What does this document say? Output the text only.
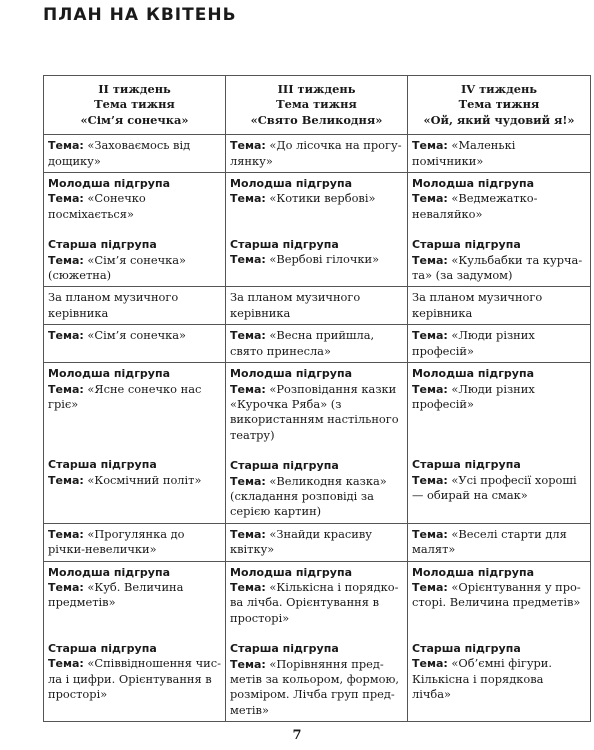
ПЛАН НА КВІТЕНЬ
II тиждень
Тема тижня
«Сім’я сонечка»	III тиждень
Тема тижня
«Свято Великодня»	IV тиждень
Тема тижня
«Ой, який чудовий я!»

Тема: «Заховаємось від дощику»	Тема: «До лісочка на прогулянку»	Тема: «Маленькі помічники»

Молодша підгрупа
Тема: «Сонечко посміхається»
Старша підгрупа
Тема: «Сім’я сонечка» (сюжетна)	Молодша підгрупа
Тема: «Котики вербові»
Старша підгрупа
Тема: «Вербові гілочки»	Молодша підгрупа
Тема: «Ведмежатко-неваляйко»
Старша підгрупа
Тема: «Кульбабки та курчата» (за задумом)

За планом музичного керівника	За планом музичного керівника	За планом музичного керівника
Тема: «Сім’я сонечка»	Тема: «Весна прийшла, свято принесла»	Тема: «Люди різних професій»

Молодша підгрупа
Тема: «Ясне сонечко нас гріє»
Старша підгрупа
Тема: «Космічний політ»	Молодша підгрупа
Тема: «Розповідання казки «Курочка Ряба» (з використанням настільного театру)
Старша підгрупа
Тема: «Великодня казка» (складання розповіді за серією картин)	Молодша підгрупа
Тема: «Люди різних професій»
Старша підгрупа
Тема: «Усі професії хороші — обирай на смак»

Тема: «Прогулянка до річки-невелички»	Тема: «Знайди красиву квітку»	Тема: «Веселі старти для малят»

Молодша підгрупа
Тема: «Куб. Величина предметів»
Старша підгрупа
Тема: «Співвідношення числа і цифри. Орієнтування в просторі»	Молодша підгрупа
Тема: «Кількісна і порядкова лічба. Орієнтування в просторі»
Старша підгрупа
Тема: «Порівняння предметів за кольором, формою, розміром. Лічба груп предметів»	Молодша підгрупа
Тема: «Орієнтування у просторі. Величина предметів»
Старша підгрупа
Тема: «Об’ємні фігури. Кількісна і порядкова лічба»
7
